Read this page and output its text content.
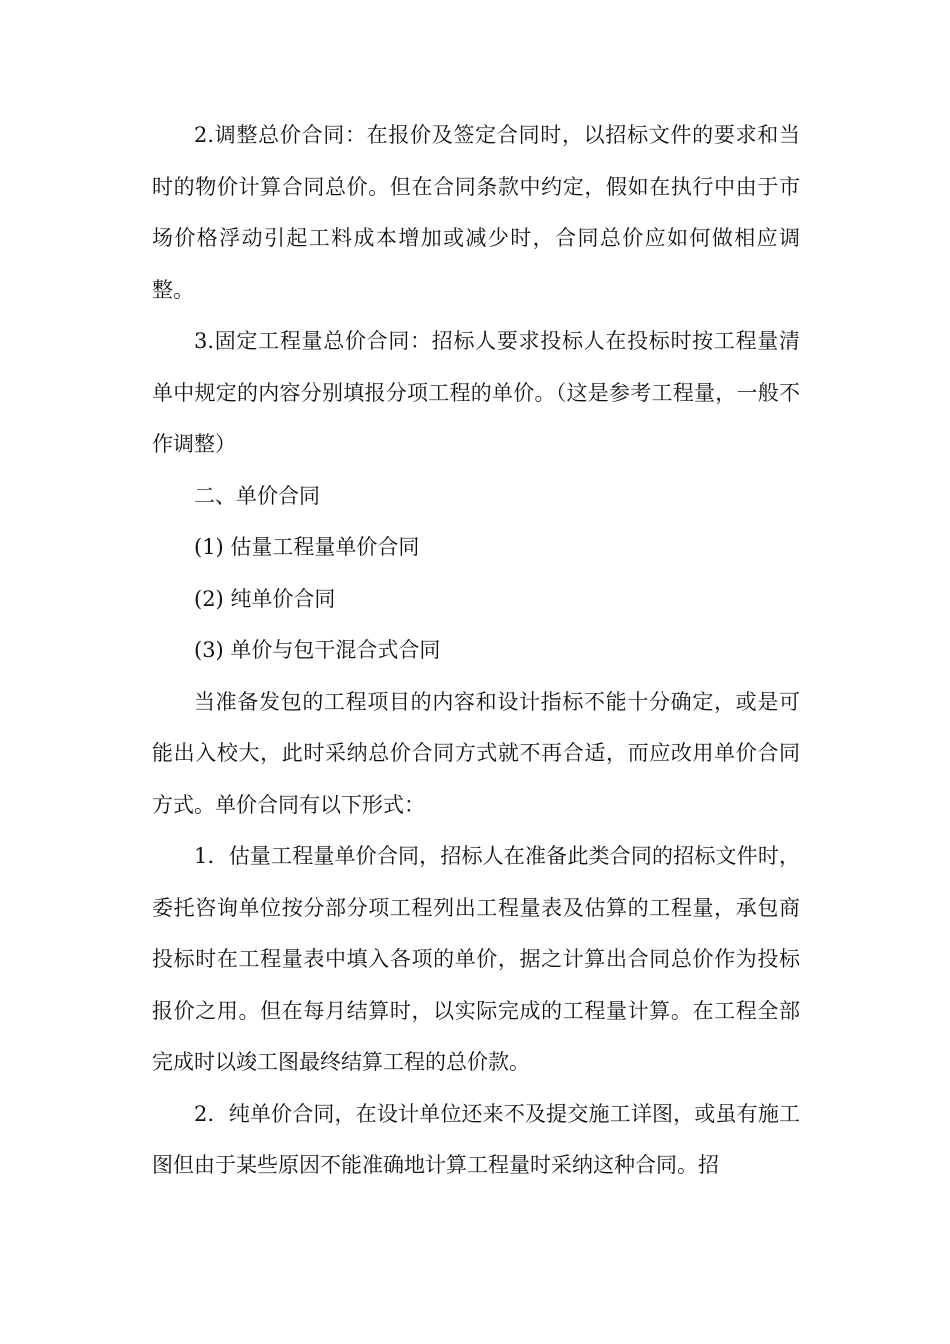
2.调整总价合同：在报价及签定合同时，以招标文件的要求和当时的物价计算合同总价。但在合同条款中约定，假如在执行中由于市场价格浮动引起工料成本增加或减少时，合同总价应如何做相应调整。

3.固定工程量总价合同：招标人要求投标人在投标时按工程量清单中规定的内容分别填报分项工程的单价。（这是参考工程量，一般不作调整）

二、单价合同

(1) 估量工程量单价合同

(2) 纯单价合同

(3) 单价与包干混合式合同

当准备发包的工程项目的内容和设计指标不能十分确定，或是可能出入校大，此时采纳总价合同方式就不再合适，而应改用单价合同方式。单价合同有以下形式：

1．估量工程量单价合同，招标人在准备此类合同的招标文件时，委托咨询单位按分部分项工程列出工程量表及估算的工程量，承包商投标时在工程量表中填入各项的单价，据之计算出合同总价作为投标报价之用。但在每月结算时，以实际完成的工程量计算。在工程全部完成时以竣工图最终结算工程的总价款。

2．纯单价合同，在设计单位还来不及提交施工详图，或虽有施工图但由于某些原因不能准确地计算工程量时采纳这种合同。招
